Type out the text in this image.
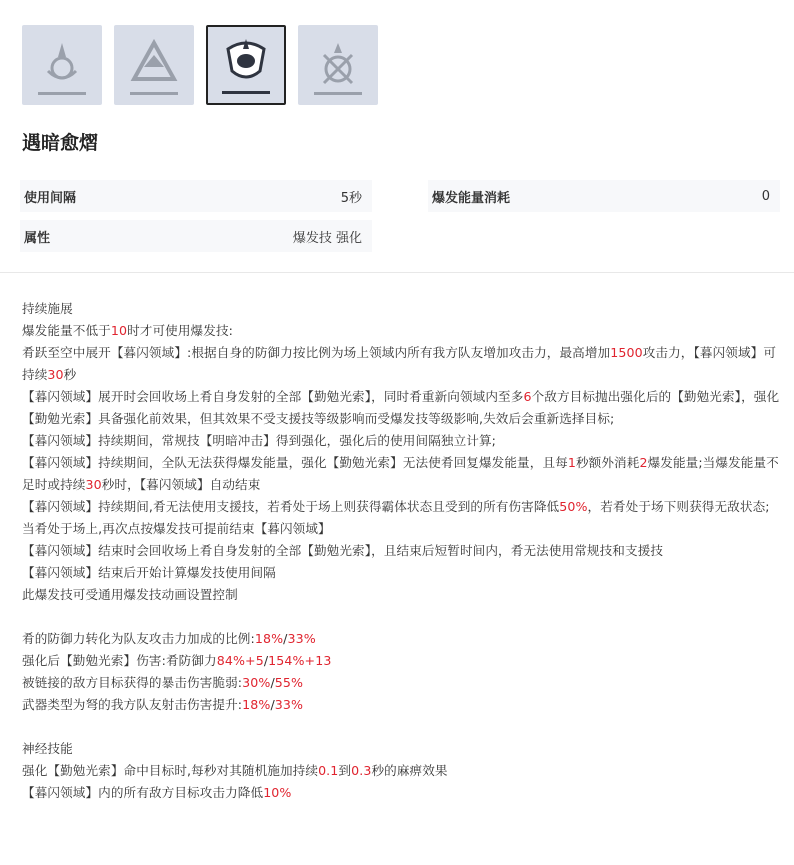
遇暗愈熠
使用间隔	5秒	爆发能量消耗	0
属性	爆发技 强化

持续施展

爆发能量不低于10时才可使用爆发技:

肴跃至空中展开【暮闪领域】:根据自身的防御力按比例为场上领域内所有我方队友增加攻击力，最高增加1500攻击力，【暮闪领域】可持续30秒

【暮闪领域】展开时会回收场上肴自身发射的全部【勤勉光索】，同时肴重新向领域内至多6个敌方目标抛出强化后的【勤勉光索】，强化【勤勉光索】具备强化前效果，但其效果不受支援技等级影响而受爆发技等级影响,失效后会重新选择目标;

【暮闪领域】持续期间，常规技【明暗冲击】得到强化，强化后的使用间隔独立计算;

【暮闪领域】持续期间，全队无法获得爆发能量，强化【勤勉光索】无法使肴回复爆发能量，且每1秒额外消耗2爆发能量;当爆发能量不足时或持续30秒时，【暮闪领域】自动结束

【暮闪领域】持续期间,肴无法使用支援技，若肴处于场上则获得霸体状态且受到的所有伤害降低50%，若肴处于场下则获得无敌状态;

当肴处于场上,再次点按爆发技可提前结束【暮闪领域】

【暮闪领域】结束时会回收场上肴自身发射的全部【勤勉光索】，且结束后短暂时间内，肴无法使用常规技和支援技

【暮闪领域】结束后开始计算爆发技使用间隔

此爆发技可受通用爆发技动画设置控制

肴的防御力转化为队友攻击力加成的比例:18%/33%

强化后【勤勉光索】伤害:肴防御力84%+5/154%+13

被链接的敌方目标获得的暴击伤害脆弱:30%/55%

武器类型为弩的我方队友射击伤害提升:18%/33%

神经技能

强化【勤勉光索】命中目标时,每秒对其随机施加持续0.1到0.3秒的麻痹效果

【暮闪领域】内的所有敌方目标攻击力降低10%
